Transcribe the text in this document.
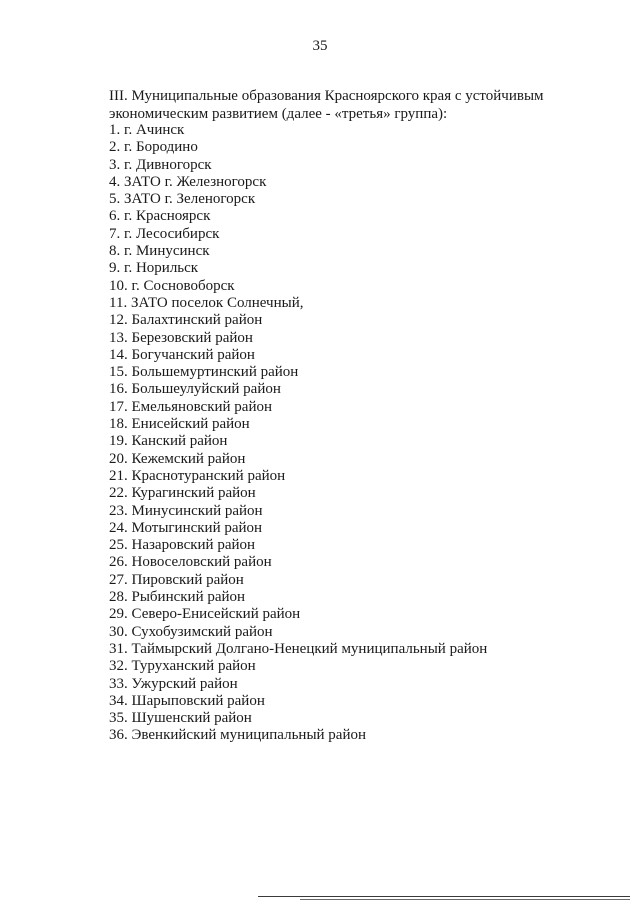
35
III. Муниципальные образования Красноярского края с устойчивым
экономическим развитием (далее - «третья» группа):
1. г. Ачинск
2. г. Бородино
3. г. Дивногорск
4. ЗАТО г. Железногорск
5. ЗАТО г. Зеленогорск
6. г. Красноярск
7. г. Лесосибирск
8. г. Минусинск
9. г. Норильск
10. г. Сосновоборск
11. ЗАТО поселок Солнечный,
12. Балахтинский район
13. Березовский район
14. Богучанский район
15. Большемуртинский район
16. Большеулуйский район
17. Емельяновский район
18. Енисейский район
19. Канский район
20. Кежемский район
21. Краснотуранский район
22. Курагинский район
23. Минусинский район
24. Мотыгинский район
25. Назаровский район
26. Новоселовский район
27. Пировский район
28. Рыбинский район
29. Северо-Енисейский район
30. Сухобузимский район
31. Таймырский Долгано-Ненецкий муниципальный район
32. Туруханский район
33. Ужурский район
34. Шарыповский район
35. Шушенский район
36. Эвенкийский муниципальный район
